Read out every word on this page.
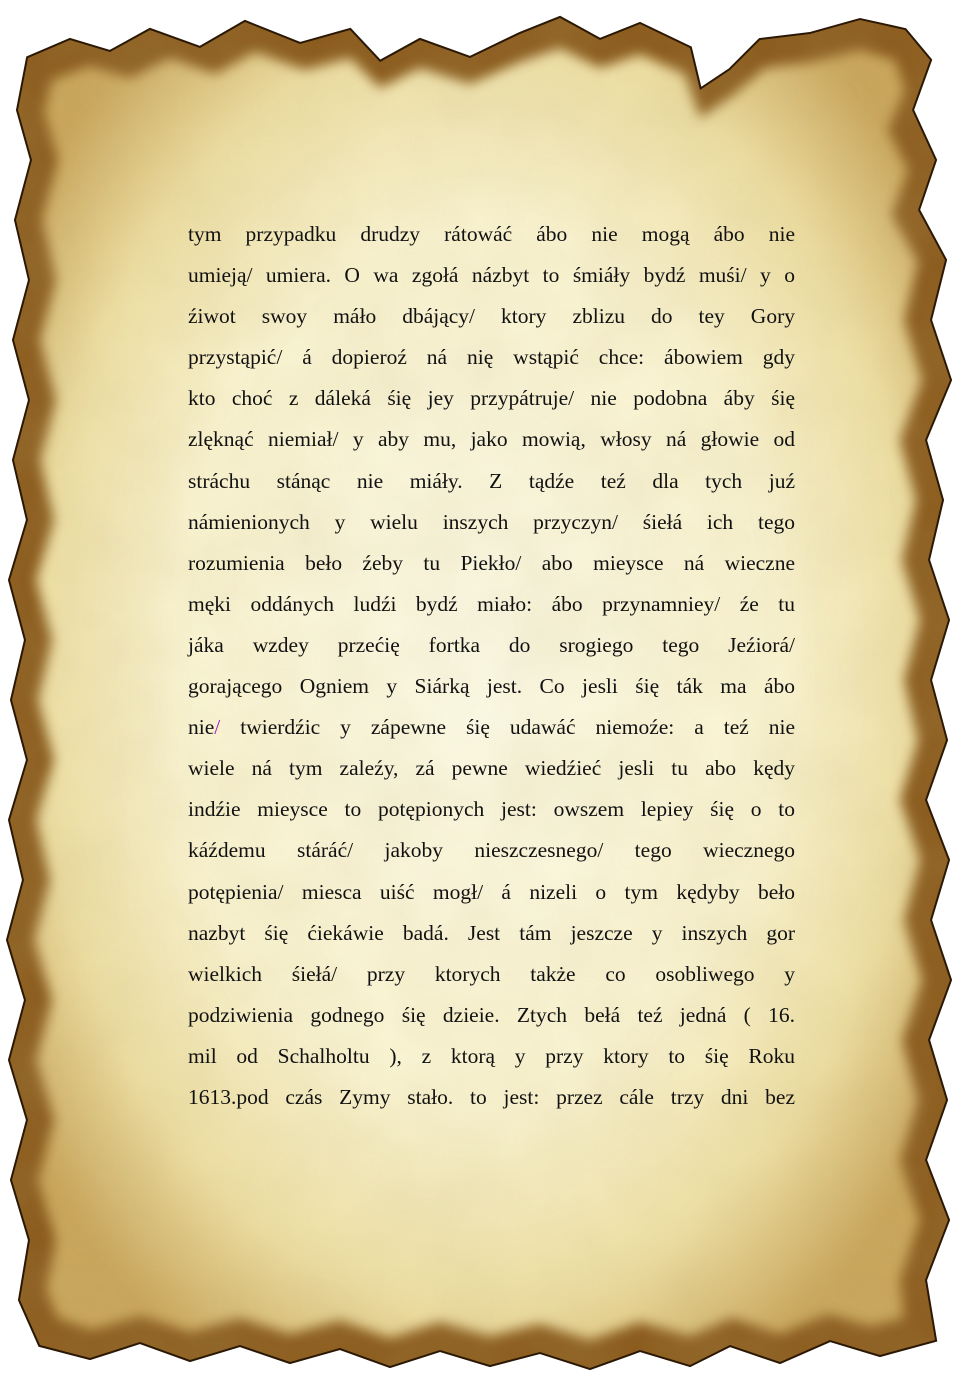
tym przypadku drudzy rátowáć ábo nie mogą ábo nie
umieją/ umiera. O wa zgołá názbyt to śmiáły bydź muśi/ y o
źiwot swoy máło dbájący/ ktory zblizu do tey Gory
przystąpić/ á dopieroź ná nię wstąpić chce: ábowiem gdy
kto choć z dáleká śię jey przypátruje/ nie podobna áby śię
zlęknąć niemiał/ y aby mu, jako mowią, włosy ná głowie od
stráchu stánąc nie miáły. Z tądźe teź dla tych juź
námienionych y wielu inszych przyczyn/ śiełá ich tego
rozumienia beło źeby tu Piekło/ abo mieysce ná wieczne
męki oddánych ludźi bydź miało: ábo przynamniey/ źe tu
jáka wzdey przećię fortka do srogiego tego Jeźiorá/
gorającego Ogniem y Siárką jest. Co jesli śię ták ma ábo
nie/ twierdźic y zápewne śię udawáć niemoźe: a teź nie
wiele ná tym zaleźy, zá pewne wiedźieć jesli tu abo kędy
indźie mieysce to potępionych jest: owszem lepiey śię o to
káźdemu stáráć/ jakoby nieszczesnego/ tego wiecznego
potępienia/ miesca uiść mogł/ á nizeli o tym kędyby beło
nazbyt śię ćiekáwie badá. Jest tám jeszcze y inszych gor
wielkich śiełá/ przy ktorych także co osobliwego y
podziwienia godnego śię dzieie. Ztych bełá teź jedná ( 16.
mil od Schalholtu ), z ktorą y przy ktory to śię Roku
1613.pod czás Zymy stało. to jest: przez cále trzy dni bez
